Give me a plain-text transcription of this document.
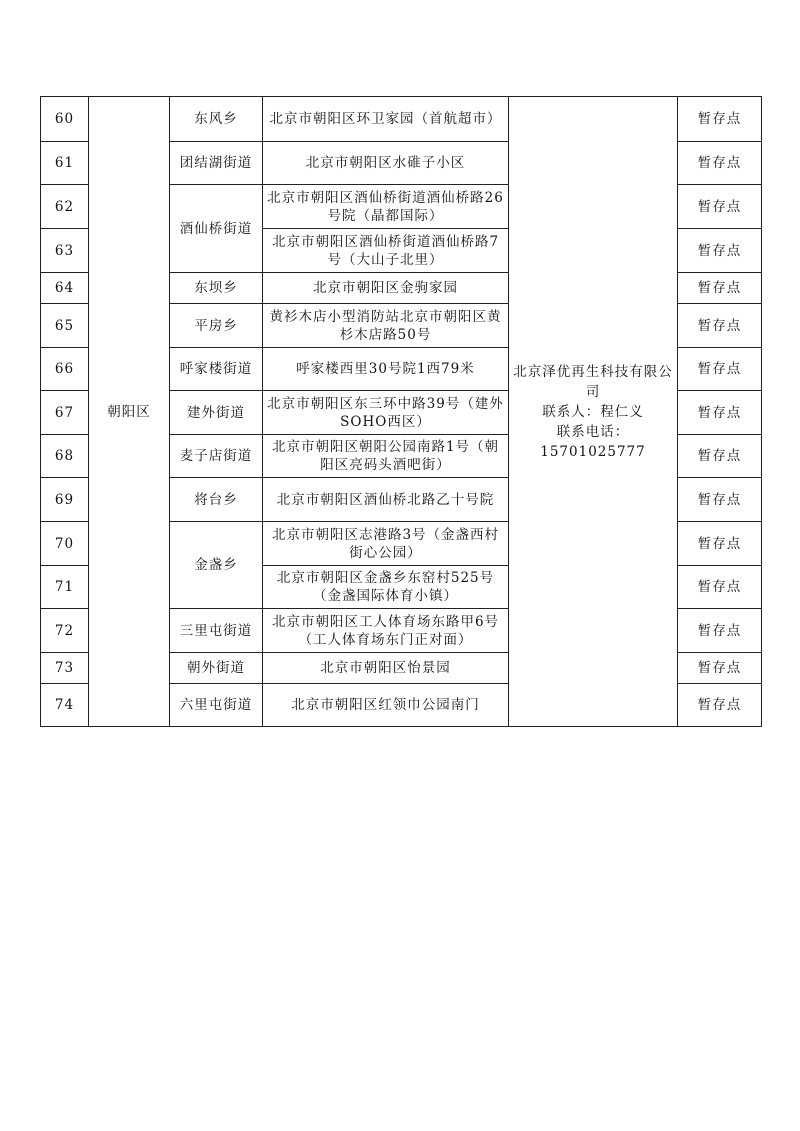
60	朝阳区	东风乡	北京市朝阳区环卫家园（首航超市）	北京泽优再生科技有限公司
联系人：程仁义
联系电话：
15701025777	暂存点
61		团结湖街道	北京市朝阳区水碓子小区		暂存点
62		酒仙桥街道	北京市朝阳区酒仙桥街道酒仙桥路26号院（晶都国际）		暂存点
63			北京市朝阳区酒仙桥街道酒仙桥路7号（大山子北里）		暂存点
64		东坝乡	北京市朝阳区金驹家园		暂存点
65		平房乡	黄衫木店小型消防站北京市朝阳区黄杉木店路50号		暂存点
66		呼家楼街道	呼家楼西里30号院1西79米		暂存点
67		建外街道	北京市朝阳区东三环中路39号（建外SOHO西区）		暂存点
68		麦子店街道	北京市朝阳区朝阳公园南路1号（朝阳区亮码头酒吧街）		暂存点
69		将台乡	北京市朝阳区酒仙桥北路乙十号院		暂存点
70		金盏乡	北京市朝阳区志港路3号（金盏西村街心公园）		暂存点
71			北京市朝阳区金盏乡东窑村525号（金盏国际体育小镇）		暂存点
72		三里屯街道	北京市朝阳区工人体育场东路甲6号（工人体育场东门正对面）		暂存点
73		朝外街道	北京市朝阳区怡景园		暂存点
74		六里屯街道	北京市朝阳区红领巾公园南门		暂存点
